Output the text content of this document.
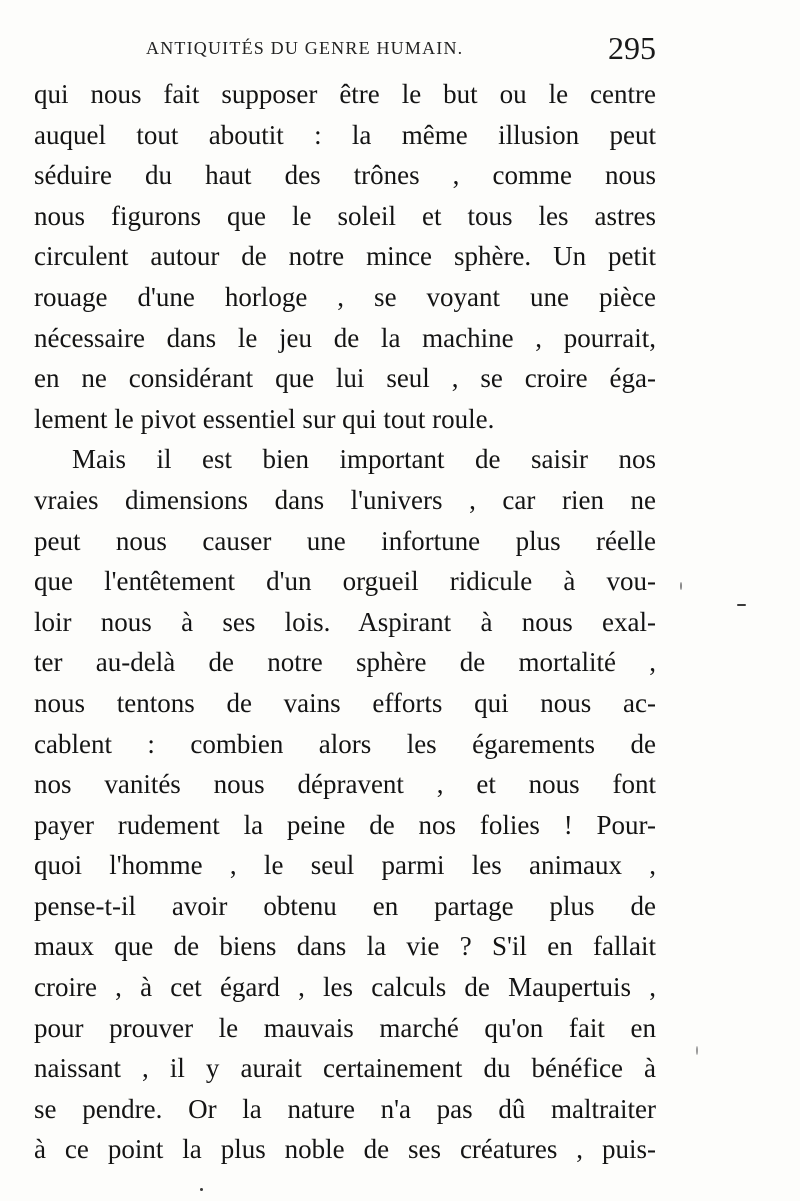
ANTIQUITÉS DU GENRE HUMAIN.	295
qui nous fait supposer être le but ou le centre
auquel tout aboutit : la même illusion peut
séduire du haut des trônes , comme nous
nous figurons que le soleil et tous les astres
circulent autour de notre mince sphère. Un petit
rouage d'une horloge , se voyant une pièce
nécessaire dans le jeu de la machine , pourrait,
en ne considérant que lui seul , se croire éga-
lement le pivot essentiel sur qui tout roule.
Mais il est bien important de saisir nos
vraies dimensions dans l'univers , car rien ne
peut nous causer une infortune plus réelle
que l'entêtement d'un orgueil ridicule à vou-
loir nous à ses lois. Aspirant à nous exal-
ter au-delà de notre sphère de mortalité ,
nous tentons de vains efforts qui nous ac-
cablent : combien alors les égarements de
nos vanités nous dépravent , et nous font
payer rudement la peine de nos folies ! Pour-
quoi l'homme , le seul parmi les animaux ,
pense-t-il avoir obtenu en partage plus de
maux que de biens dans la vie ? S'il en fallait
croire , à cet égard , les calculs de Maupertuis ,
pour prouver le mauvais marché qu'on fait en
naissant , il y aurait certainement du bénéfice à
se pendre. Or la nature n'a pas dû maltraiter
à ce point la plus noble de ses créatures , puis-
